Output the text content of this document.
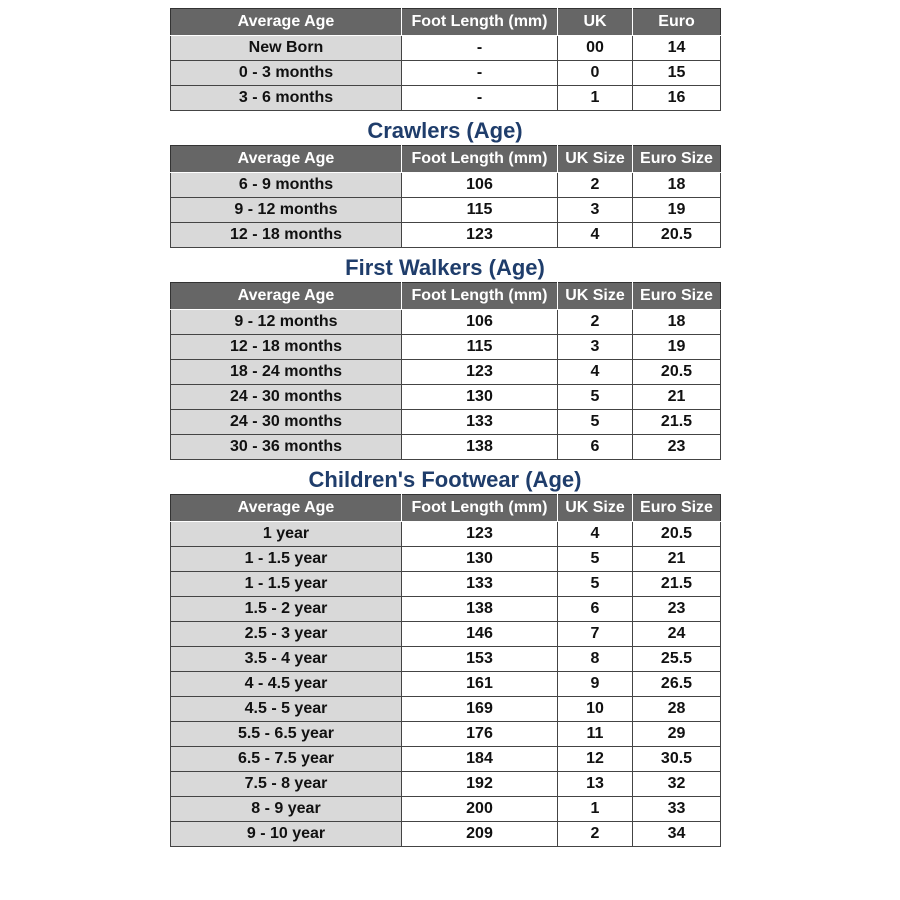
Average Age	Foot Length (mm)	UK	Euro
New Born	-	00	14
0 - 3 months	-	0	15
3 - 6 months	-	1	16
Crawlers (Age)
Average Age	Foot Length (mm)	UK Size	Euro Size
6 - 9 months	106	2	18
9 - 12 months	115	3	19
12 - 18 months	123	4	20.5
First Walkers (Age)
Average Age	Foot Length (mm)	UK Size	Euro Size
9 - 12 months	106	2	18
12 - 18 months	115	3	19
18 - 24 months	123	4	20.5
24 - 30 months	130	5	21
24 - 30 months	133	5	21.5
30 - 36 months	138	6	23
Children's Footwear (Age)
Average Age	Foot Length (mm)	UK Size	Euro Size
1 year	123	4	20.5
1 - 1.5 year	130	5	21
1 - 1.5 year	133	5	21.5
1.5 - 2 year	138	6	23
2.5 - 3 year	146	7	24
3.5 - 4 year	153	8	25.5
4 - 4.5 year	161	9	26.5
4.5 - 5 year	169	10	28
5.5 - 6.5 year	176	11	29
6.5 - 7.5 year	184	12	30.5
7.5 - 8 year	192	13	32
8 - 9 year	200	1	33
9 - 10 year	209	2	34
